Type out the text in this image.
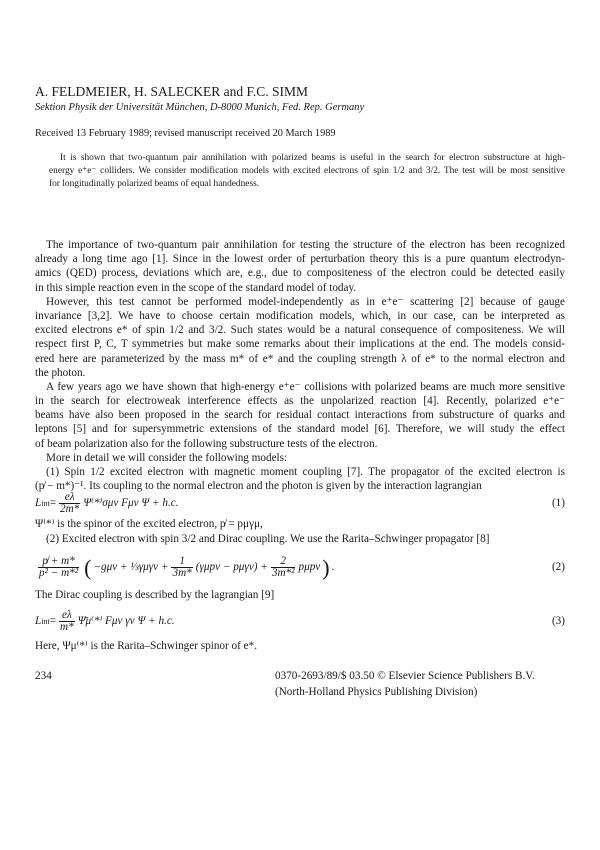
A. FELDMEIER, H. SALECKER and F.C. SIMM
Sektion Physik der Universität München, D-8000 Munich, Fed. Rep. Germany
Received 13 February 1989; revised manuscript received 20 March 1989
It is shown that two-quantum pair annihilation with polarized beams is useful in the search for electron substructure at high-
energy e⁺e⁻ colliders. We consider modification models with excited electrons of spin 1/2 and 3/2. The test will be most sensitive
for longitudinally polarized beams of equal handedness.
The importance of two-quantum pair annihilation for testing the structure of the electron has been recognized
already a long time ago [1]. Since in the lowest order of perturbation theory this is a pure quantum electrodyn-
amics (QED) process, deviations which are, e.g., due to compositeness of the electron could be detected easily
in this simple reaction even in the scope of the standard model of today.
However, this test cannot be performed model-independently as in e⁺e⁻ scattering [2] because of gauge
invariance [3,2]. We have to choose certain modification models, which, in our case, can be interpreted as
excited electrons e* of spin 1/2 and 3/2. Such states would be a natural consequence of compositeness. We will
respect first P, C, T symmetries but make some remarks about their implications at the end. The models consid-
ered here are parameterized by the mass m* of e* and the coupling strength λ of e* to the normal electron and
the photon.
A few years ago we have shown that high-energy e⁺e⁻ collisions with polarized beams are much more sensitive
in the search for electroweak interference effects as the unpolarized reaction [4]. Recently, polarized e⁺e⁻
beams have also been proposed in the search for residual contact interactions from substructure of quarks and
leptons [5] and for supersymmetric extensions of the standard model [6]. Therefore, we will study the effect
of beam polarization also for the following substructure tests of the electron.
More in detail we will consider the following models:
(1) Spin 1/2 excited electron with magnetic moment coupling [7]. The propagator of the excited electron is
(p̸ − m*)⁻¹. Its coupling to the normal electron and the photon is given by the interaction lagrangian
L int = $\frac{e\lambda}{2m*} \Psi^(*^)\sigma\mu\nu$ Fμν Ψ + h.c.	(1)
Ψ⁽*⁾ is the spinor of the excited electron, p̸ = pμγμ,
(2) Excited electron with spin 3/2 and Dirac coupling. We use the Rarita–Schwinger propagator [8]
$\frac{p̸ + m*}{\text{p² − m*²}}$ ( −gμν + ⅓γμγν + $\frac{1}{3m*} (\gamma\mu p\nu - p\mu\gamma\nu) + \frac{2}{\text{3m*²}}$ pμpν ) .	(2)
The Dirac coupling is described by the lagrangian [9]
L int = $\frac{e\lambda}{m*}$ Ψ̄μ⁽*⁾ Fμν γν Ψ + h.c.	(3)
Here, Ψμ⁽*⁾ is the Rarita–Schwinger spinor of e*.
234	0370-2693/89/$ 03.50 © Elsevier Science Publishers B.V.
(North-Holland Physics Publishing Division)
